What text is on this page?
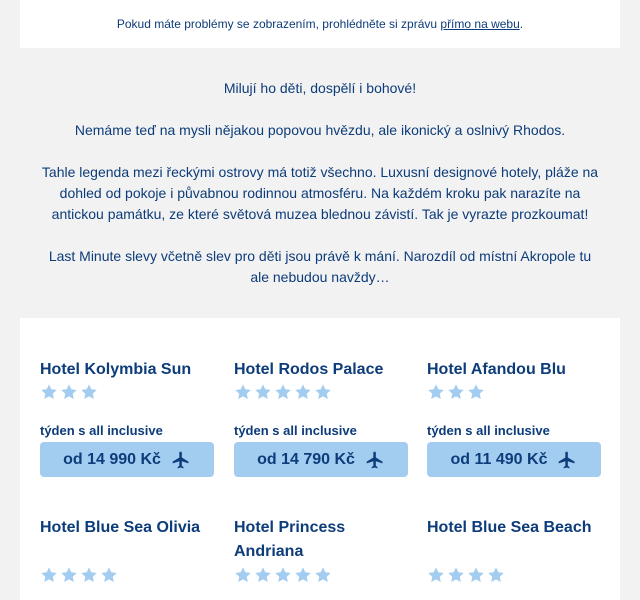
Pokud máte problémy se zobrazením, prohlédněte si zprávu přímo na webu.

Milují ho děti, dospělí i bohové!

Nemáme teď na mysli nějakou popovou hvězdu, ale ikonický a oslnivý Rhodos.

Tahle legenda mezi řeckými ostrovy má totiž všechno. Luxusní designové hotely, pláže na dohled od pokoje i půvabnou rodinnou atmosféru. Na každém kroku pak narazíte na antickou památku, ze které světová muzea blednou závistí. Tak je vyrazte prozkoumat!

Last Minute slevy včetně slev pro děti jsou právě k mání. Narozdíl od místní Akropole tu ale nebudou navždy…

Hotel Kolymbia Sun
týden s all inclusive
od 14 990 Kč
Hotel Rodos Palace
týden s all inclusive
od 14 790 Kč
Hotel Afandou Blu
týden s all inclusive
od 11 490 Kč
Hotel Blue Sea Olivia	Hotel Princess Andriana
Hotel Blue Sea Beach
